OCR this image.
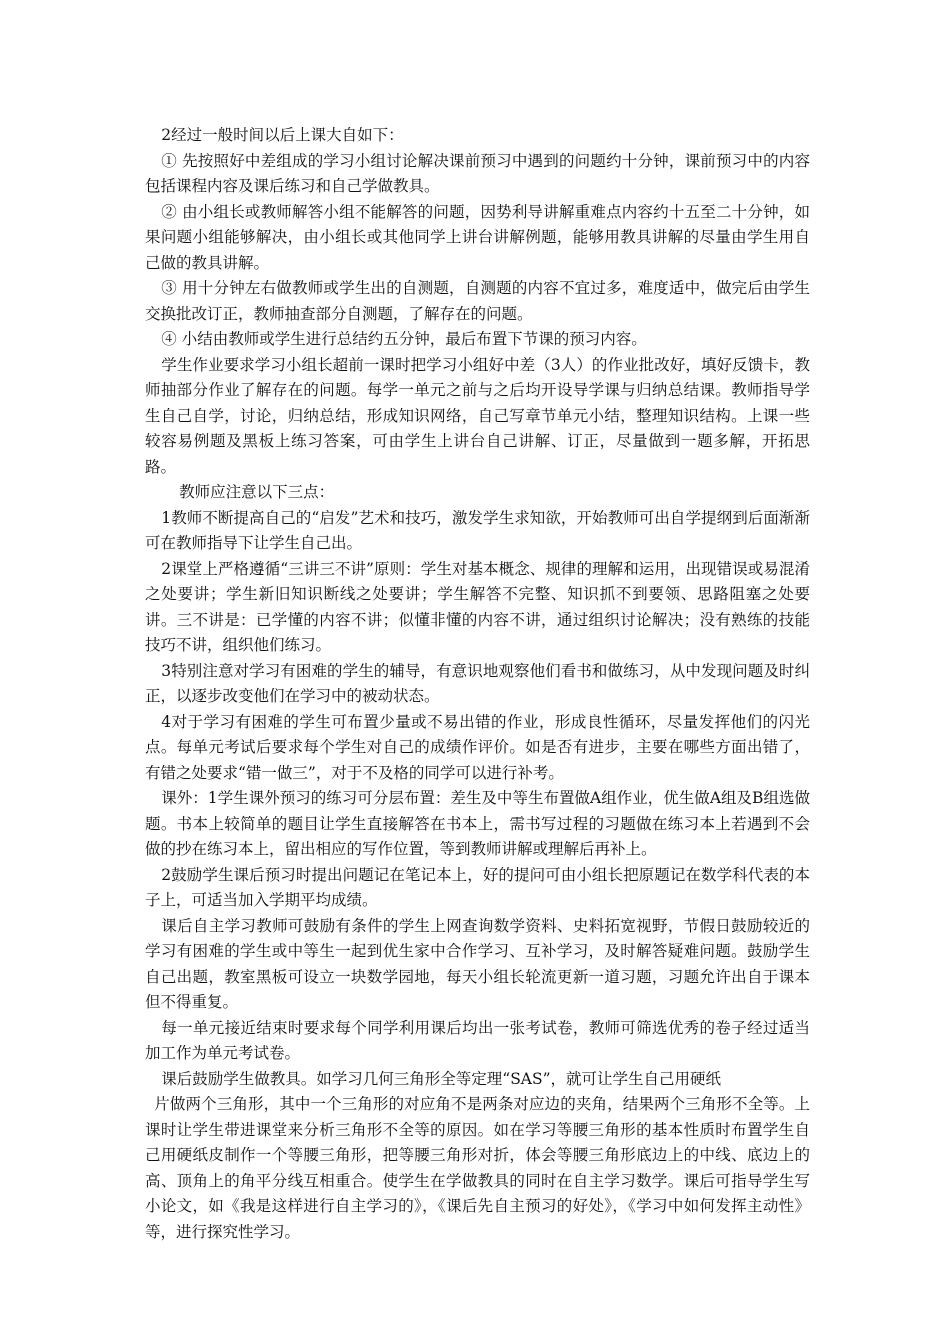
2经过一般时间以后上课大自如下：

① 先按照好中差组成的学习小组讨论解决课前预习中遇到的问题约十分钟，课前预习中的内容包括课程内容及课后练习和自己学做教具。

② 由小组长或教师解答小组不能解答的问题，因势利导讲解重难点内容约十五至二十分钟，如果问题小组能够解决，由小组长或其他同学上讲台讲解例题，能够用教具讲解的尽量由学生用自己做的教具讲解。

③ 用十分钟左右做教师或学生出的自测题，自测题的内容不宜过多，难度适中，做完后由学生交换批改订正，教师抽查部分自测题，了解存在的问题。

④ 小结由教师或学生进行总结约五分钟，最后布置下节课的预习内容。

学生作业要求学习小组长超前一课时把学习小组好中差（3人）的作业批改好，填好反馈卡，教师抽部分作业了解存在的问题。每学一单元之前与之后均开设导学课与归纳总结课。教师指导学生自己自学，讨论，归纳总结，形成知识网络，自己写章节单元小结，整理知识结构。上课一些较容易例题及黑板上练习答案，可由学生上讲台自己讲解、订正，尽量做到一题多解，开拓思路。

教师应注意以下三点：

1教师不断提高自己的“启发”艺术和技巧，激发学生求知欲，开始教师可出自学提纲到后面渐渐可在教师指导下让学生自己出。

2课堂上严格遵循“三讲三不讲”原则：学生对基本概念、规律的理解和运用，出现错误或易混淆之处要讲；学生新旧知识断线之处要讲；学生解答不完整、知识抓不到要领、思路阻塞之处要讲。三不讲是：已学懂的内容不讲；似懂非懂的内容不讲，通过组织讨论解决；没有熟练的技能技巧不讲，组织他们练习。

3特别注意对学习有困难的学生的辅导，有意识地观察他们看书和做练习，从中发现问题及时纠正，以逐步改变他们在学习中的被动状态。

4对于学习有困难的学生可布置少量或不易出错的作业，形成良性循环，尽量发挥他们的闪光点。每单元考试后要求每个学生对自己的成绩作评价。如是否有进步，主要在哪些方面出错了，有错之处要求“错一做三”，对于不及格的同学可以进行补考。

课外：1学生课外预习的练习可分层布置：差生及中等生布置做A组作业，优生做A组及B组选做题。书本上较简单的题目让学生直接解答在书本上，需书写过程的习题做在练习本上若遇到不会做的抄在练习本上，留出相应的写作位置，等到教师讲解或理解后再补上。

2鼓励学生课后预习时提出问题记在笔记本上，好的提问可由小组长把原题记在数学科代表的本子上，可适当加入学期平均成绩。

课后自主学习教师可鼓励有条件的学生上网查询数学资料、史料拓宽视野，节假日鼓励较近的学习有困难的学生或中等生一起到优生家中合作学习、互补学习，及时解答疑难问题。鼓励学生自己出题，教室黑板可设立一块数学园地，每天小组长轮流更新一道习题，习题允许出自于课本但不得重复。

每一单元接近结束时要求每个同学利用课后均出一张考试卷，教师可筛选优秀的卷子经过适当加工作为单元考试卷。

课后鼓励学生做教具。如学习几何三角形全等定理“SAS”，就可让学生自己用硬纸

片做两个三角形，其中一个三角形的对应角不是两条对应边的夹角，结果两个三角形不全等。上课时让学生带进课堂来分析三角形不全等的原因。如在学习等腰三角形的基本性质时布置学生自己用硬纸皮制作一个等腰三角形，把等腰三角形对折，体会等腰三角形底边上的中线、底边上的高、顶角上的角平分线互相重合。使学生在学做教具的同时在自主学习数学。课后可指导学生写小论文，如《我是这样进行自主学习的》，《课后先自主预习的好处》，《学习中如何发挥主动性》等，进行探究性学习。
